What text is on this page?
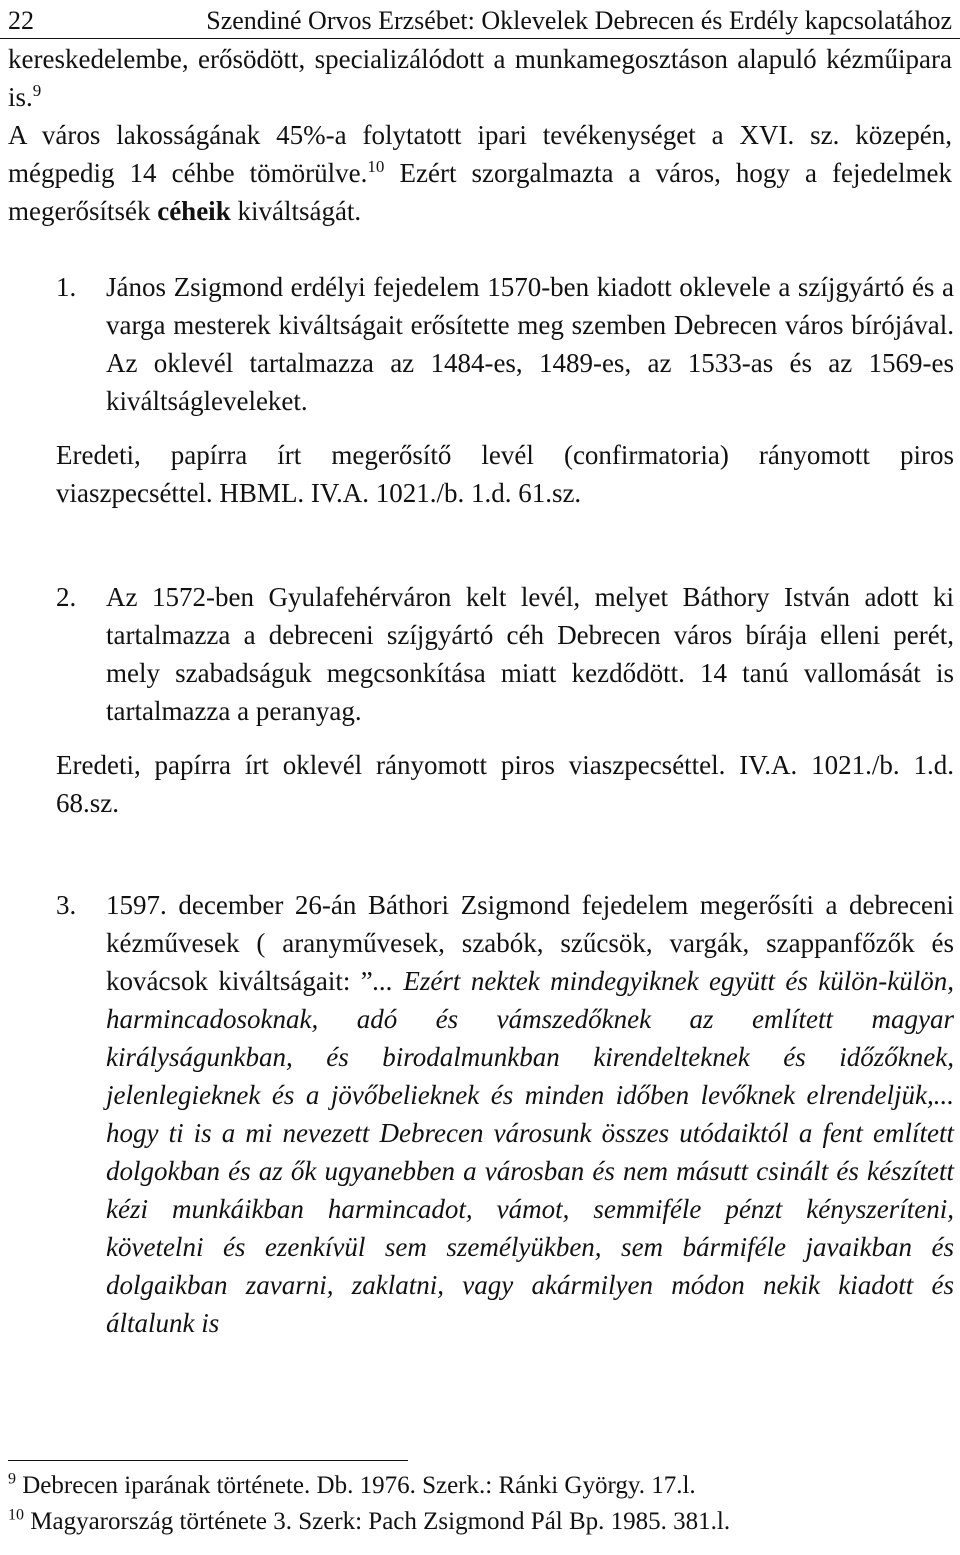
22	Szendiné Orvos Erzsébet: Oklevelek Debrecen és Erdély kapcsolatához

kereskedelembe, erősödött, specializálódott a munkamegosztáson alapuló kézműipara is.$^9$

A város lakosságának 45%-a folytatott ipari tevékenységet a XVI. sz. közepén, mégpedig 14 céhbe tömörülve.$^{10}$ Ezért szorgalmazta a város, hogy a fejedelmek megerősítsék céheik kiváltságát.

1. János Zsigmond erdélyi fejedelem 1570-ben kiadott oklevele a szíjgyártó és a varga mesterek kiváltságait erősítette meg szemben Debrecen város bírójával. Az oklevél tartalmazza az 1484-es, 1489-es, az 1533-as és az 1569-es kiváltságleveleket.
Eredeti, papírra írt megerősítő levél (confirmatoria) rányomott piros viaszpecséttel. HBML. IV.A. 1021./b. 1.d. 61.sz.
2. Az 1572-ben Gyulafehérváron kelt levél, melyet Báthory István adott ki tartalmazza a debreceni szíjgyártó céh Debrecen város bírája elleni perét, mely szabadságuk megcsonkítása miatt kezdődött. 14 tanú vallomását is tartalmazza a peranyag.
Eredeti, papírra írt oklevél rányomott piros viaszpecséttel. IV.A. 1021./b. 1.d. 68.sz.
3. 1597. december 26-án Báthori Zsigmond fejedelem megerősíti a debreceni kézművesek ( aranyművesek, szabók, szűcsök, vargák, szappanfőzők és kovácsok kiváltságait: ”... Ezért nektek mindegyiknek együtt és külön-külön, harmincadosoknak, adó és vámszedőknek az említett magyar királyságunkban, és birodalmunkban kirendelteknek és időzőknek, jelenlegieknek és a jövőbelieknek és minden időben levőknek elrendeljük,... hogy ti is a mi nevezett Debrecen városunk összes utódaiktól a fent említett dolgokban és az ők ugyanebben a városban és nem másutt csinált és készített kézi munkáikban harmincadot, vámot, semmiféle pénzt kényszeríteni, követelni és ezenkívül sem személyükben, sem bármiféle javaikban és dolgaikban zavarni, zaklatni, vagy akármilyen módon nekik kiadott és általunk is
$^9$ Debrecen iparának története. Db. 1976. Szerk.: Ránki György. 17.l.
$^{10}$ Magyarország története 3. Szerk: Pach Zsigmond Pál Bp. 1985. 381.l.
